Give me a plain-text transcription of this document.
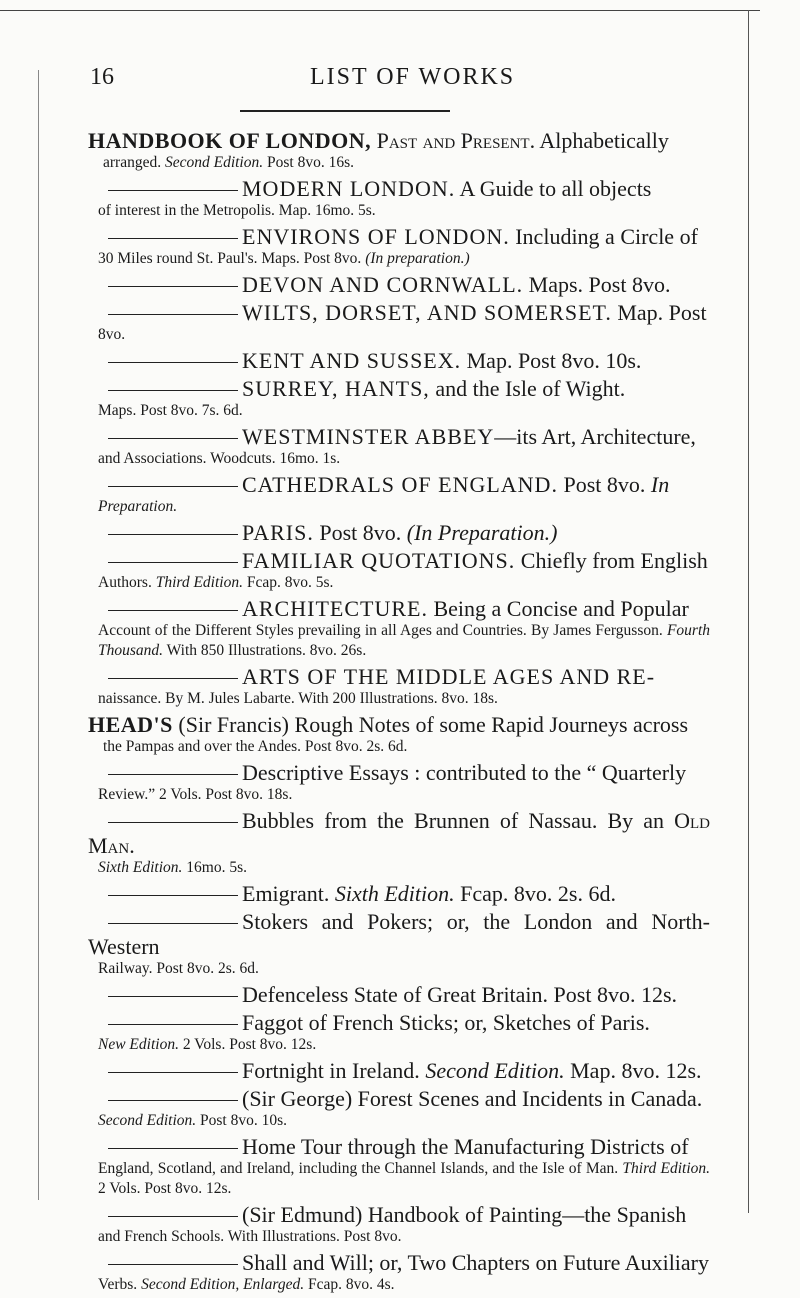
16	LIST OF WORKS
HANDBOOK OF LONDON, Past and Present. Alphabetically
arranged. Second Edition. Post 8vo. 16s.
MODERN LONDON. A Guide to all objects
of interest in the Metropolis. Map. 16mo. 5s.
ENVIRONS OF LONDON. Including a Circle of
30 Miles round St. Paul's. Maps. Post 8vo. (In preparation.)
DEVON AND CORNWALL. Maps. Post 8vo.
WILTS, DORSET, AND SOMERSET. Map. Post
8vo.
KENT AND SUSSEX. Map. Post 8vo. 10s.
SURREY, HANTS, and the Isle of Wight.
Maps. Post 8vo. 7s. 6d.
WESTMINSTER ABBEY—its Art, Architecture,
and Associations. Woodcuts. 16mo. 1s.
CATHEDRALS OF ENGLAND. Post 8vo. In
Preparation.
PARIS. Post 8vo. (In Preparation.)
FAMILIAR QUOTATIONS. Chiefly from English
Authors. Third Edition. Fcap. 8vo. 5s.
ARCHITECTURE. Being a Concise and Popular
Account of the Different Styles prevailing in all Ages and Countries. By James Fergusson. Fourth Thousand. With 850 Illustrations. 8vo. 26s.
ARTS OF THE MIDDLE AGES AND RE-
naissance. By M. Jules Labarte. With 200 Illustrations. 8vo. 18s.
HEAD'S (Sir Francis) Rough Notes of some Rapid Journeys across
the Pampas and over the Andes. Post 8vo. 2s. 6d.
Descriptive Essays : contributed to the “ Quarterly
Review.” 2 Vols. Post 8vo. 18s.
Bubbles from the Brunnen of Nassau. By an Old Man.
Sixth Edition. 16mo. 5s.
Emigrant. Sixth Edition. Fcap. 8vo. 2s. 6d.
Stokers and Pokers; or, the London and North-Western
Railway. Post 8vo. 2s. 6d.
Defenceless State of Great Britain. Post 8vo. 12s.
Faggot of French Sticks; or, Sketches of Paris.
New Edition. 2 Vols. Post 8vo. 12s.
Fortnight in Ireland. Second Edition. Map. 8vo. 12s.
(Sir George) Forest Scenes and Incidents in Canada.
Second Edition. Post 8vo. 10s.
Home Tour through the Manufacturing Districts of
England, Scotland, and Ireland, including the Channel Islands, and the Isle of Man. Third Edition. 2 Vols. Post 8vo. 12s.
(Sir Edmund) Handbook of Painting—the Spanish
and French Schools. With Illustrations. Post 8vo.
Shall and Will; or, Two Chapters on Future Auxiliary
Verbs. Second Edition, Enlarged. Fcap. 8vo. 4s.
